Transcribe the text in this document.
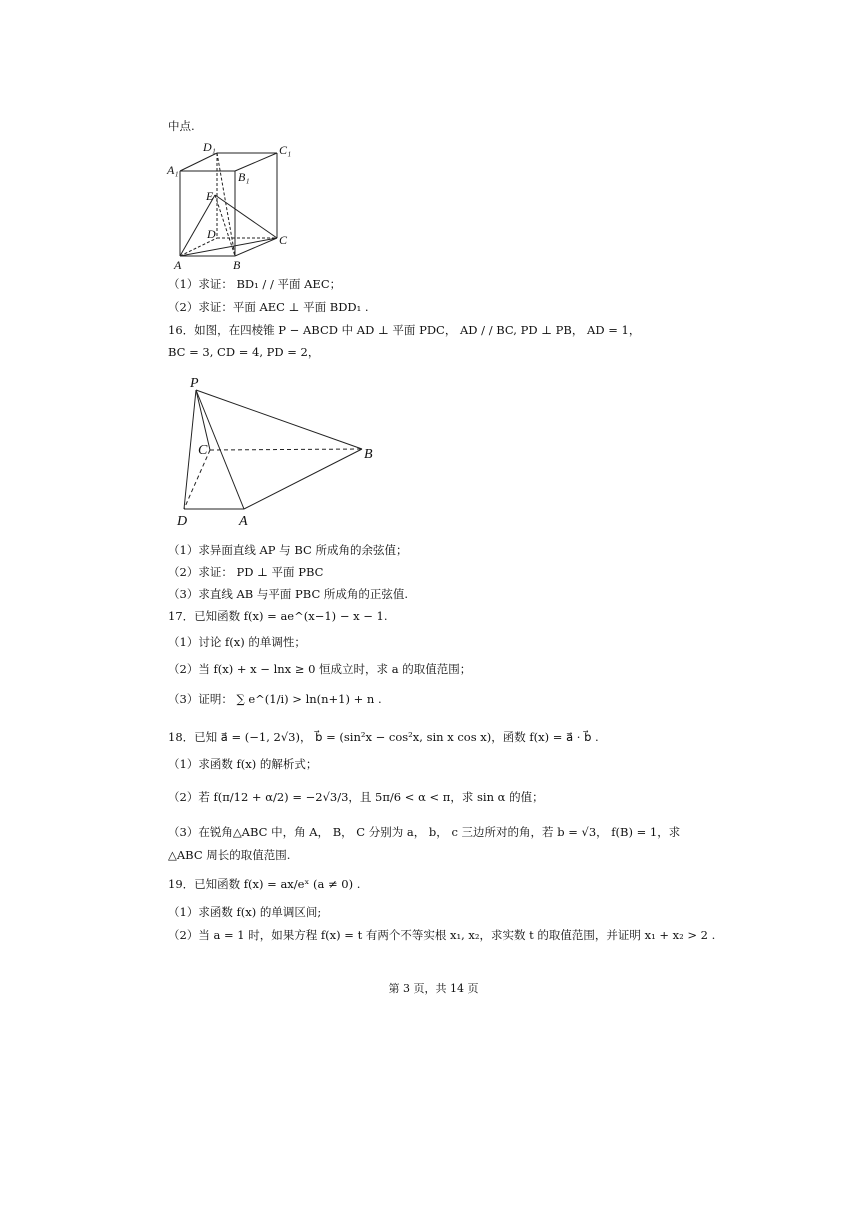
中点.
D₁	C₁
A₁	B₁
E
D	C
A	B
（1）求证： BD₁ / / 平面 AEC；
（2）求证：平面 AEC ⊥ 平面 BDD₁ .
16．如图，在四棱锥 P − ABCD 中 AD ⊥ 平面 PDC， AD / / BC, PD ⊥ PB， AD = 1，
BC = 3, CD = 4, PD = 2，
P
C	B
D	A
（1）求异面直线 AP 与 BC 所成角的余弦值；
（2）求证： PD ⊥ 平面 PBC
（3）求直线 AB 与平面 PBC 所成角的正弦值.
17．已知函数 f(x) = ae^(x−1) − x − 1.
（1）讨论 f(x) 的单调性；
（2）当 f(x) + x − lnx ≥ 0 恒成立时，求 a 的取值范围；
（3）证明： ∑ e^(1/i) > ln(n+1) + n .
18．已知 a⃗ = (−1, 2√3)， b⃗ = (sin²x − cos²x, sin x cos x)，函数 f(x) = a⃗ · b⃗ .
（1）求函数 f(x) 的解析式；
（2）若 f(π/12 + α/2) = −2√3/3，且 5π/6 < α < π，求 sin α 的值；
（3）在锐角△ABC 中，角 A， B， C 分别为 a， b， c 三边所对的角，若 b = √3， f(B) = 1，求
△ABC 周长的取值范围.
19．已知函数 f(x) = ax/eˣ (a ≠ 0) .
（1）求函数 f(x) 的单调区间;
（2）当 a = 1 时，如果方程 f(x) = t 有两个不等实根 x₁, x₂，求实数 t 的取值范围，并证明 x₁ + x₂ > 2 .
第 3 页，共 14 页
